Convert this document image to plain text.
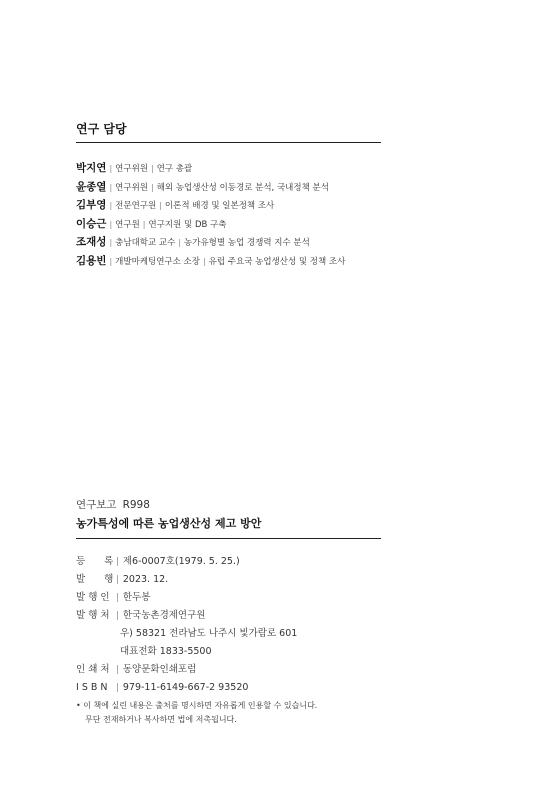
연구 담당
박지연 | 연구위원 | 연구 총괄
윤종열 | 연구위원 | 해외 농업생산성 이동경로 분석, 국내정책 분석
김부영 | 전문연구원 | 이론적 배경 및 일본정책 조사
이승근 | 연구원 | 연구지원 및 DB 구축
조재성 | 충남대학교 교수 | 농가유형별 농업 경쟁력 지수 분석
김용빈 | 개발마케팅연구소 소장 | 유럽 주요국 농업생산성 및 정책 조사
연구보고 R998
농가특성에 따른 농업생산성 제고 방안
등　　록 | 제6-0007호(1979. 5. 25.)
발　　행 | 2023. 12.
발 행 인 | 한두봉
발 행 처 | 한국농촌경제연구원
우) 58321 전라남도 나주시 빛가람로 601
대표전화 1833-5500
인 쇄 처 | 동양문화인쇄포럼
I S B N | 979-11-6149-667-2 93520
• 이 책에 실린 내용은 출처를 명시하면 자유롭게 인용할 수 있습니다.
무단 전재하거나 복사하면 법에 저촉됩니다.
